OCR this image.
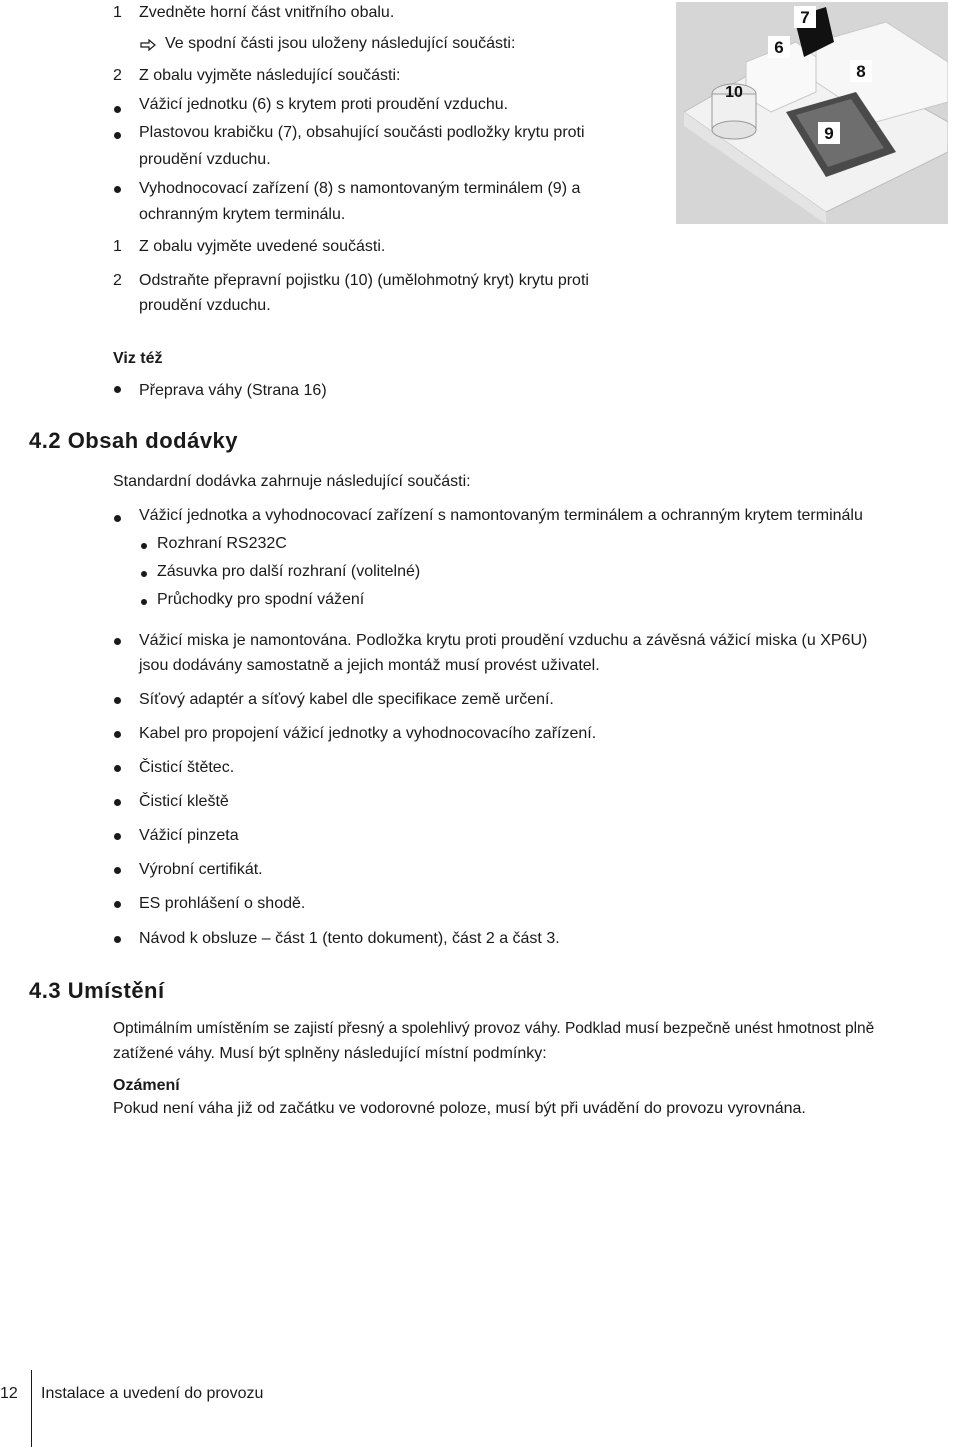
1 Zvedněte horní část vnitřního obalu.
Ve spodní části jsou uloženy následující součásti:
2 Z obalu vyjměte následující součásti:
Vážicí jednotku (6) s krytem proti proudění vzduchu.
Plastovou krabičku (7), obsahující součásti podložky krytu proti
proudění vzduchu.
Vyhodnocovací zařízení (8) s namontovaným terminálem (9) a
ochranným krytem terminálu.
1 Z obalu vyjměte uvedené součásti.
2 Odstraňte přepravní pojistku (10) (umělohmotný kryt) krytu proti
proudění vzduchu.
Viz též
Přeprava váhy (Strana 16)
6
7
8
9
10
4.2 Obsah dodávky
Standardní dodávka zahrnuje následující součásti:
Vážicí jednotka a vyhodnocovací zařízení s namontovaným terminálem a ochranným krytem terminálu
Rozhraní RS232C
Zásuvka pro další rozhraní (volitelné)
Průchodky pro spodní vážení
Vážicí miska je namontována. Podložka krytu proti proudění vzduchu a závěsná vážicí miska (u XP6U)
jsou dodávány samostatně a jejich montáž musí provést uživatel.
Síťový adaptér a síťový kabel dle specifikace země určení.
Kabel pro propojení vážicí jednotky a vyhodnocovacího zařízení.
Čisticí štětec.
Čisticí kleště
Vážicí pinzeta
Výrobní certifikát.
ES prohlášení o shodě.
Návod k obsluze – část 1 (tento dokument), část 2 a část 3.
4.3 Umístění
Optimálním umístěním se zajistí přesný a spolehlivý provoz váhy. Podklad musí bezpečně unést hmotnost plně
zatížené váhy. Musí být splněny následující místní podmínky:
Ozámení
Pokud není váha již od začátku ve vodorovné poloze, musí být při uvádění do provozu vyrovnána.
12 Instalace a uvedení do provozu
